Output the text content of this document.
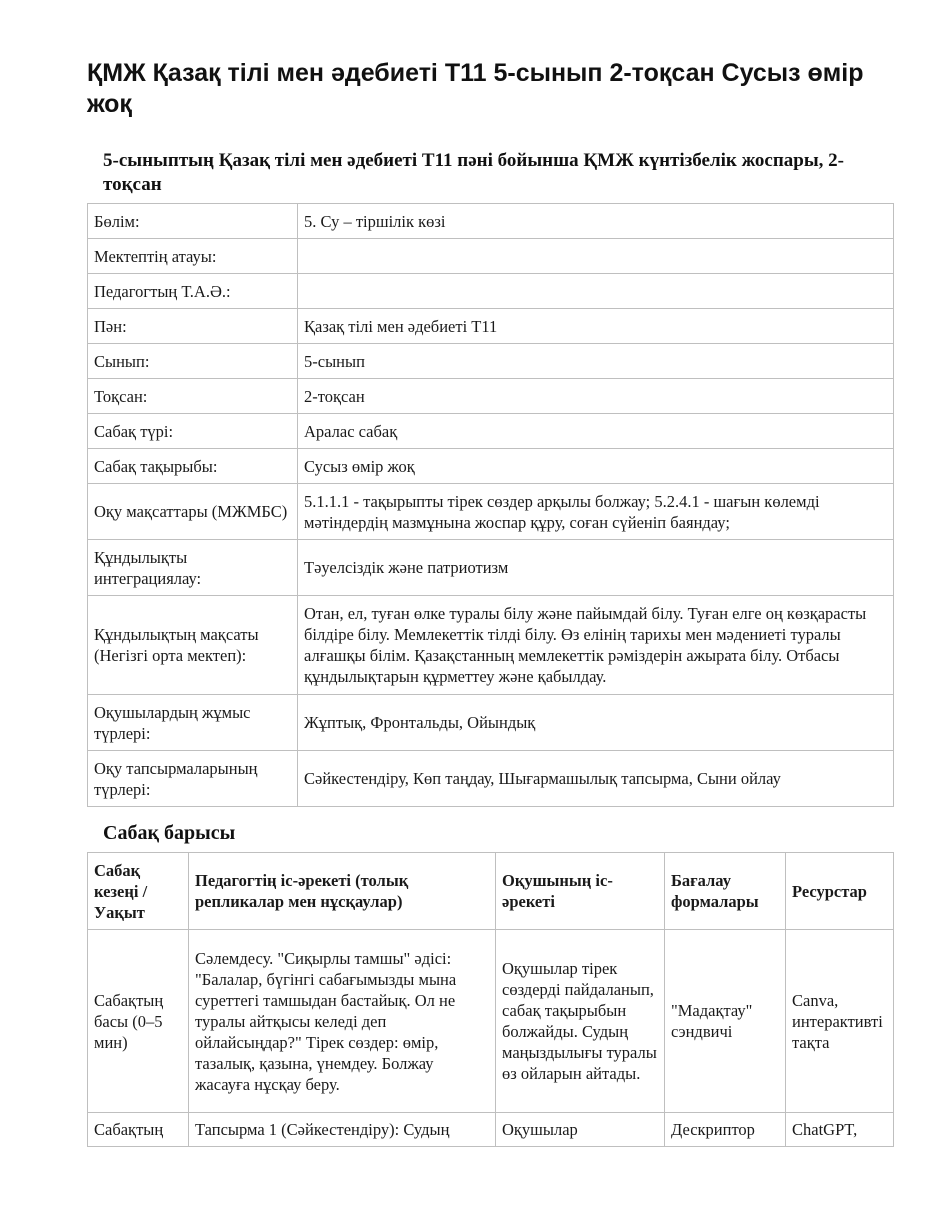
ҚМЖ Қазақ тілі мен әдебиеті Т11 5-сынып 2-тоқсан Сусыз өмір жоқ
5-сыныптың Қазақ тілі мен әдебиеті Т11 пәні бойынша ҚМЖ күнтізбелік жоспары, 2-тоқсан
Бөлім:	5. Су – тіршілік көзі
Мектептің атауы:	
Педагогтың Т.А.Ә.:	
Пән:	Қазақ тілі мен әдебиеті Т11
Сынып:	5-сынып
Тоқсан:	2-тоқсан
Сабақ түрі:	Аралас сабақ
Сабақ тақырыбы:	Сусыз өмір жоқ
Оқу мақсаттары (МЖМБС)	5.1.1.1 - тақырыпты тірек сөздер арқылы болжау; 5.2.4.1 - шағын көлемді мәтіндердің мазмұнына жоспар құру, соған сүйеніп баяндау;
Құндылықты интеграциялау:	Тәуелсіздік және патриотизм
Құндылықтың мақсаты (Негізгі орта мектеп):	Отан, ел, туған өлке туралы білу және пайымдай білу. Туған елге оң көзқарасты білдіре білу. Мемлекеттік тілді білу. Өз елінің тарихы мен мәдениеті туралы алғашқы білім. Қазақстанның мемлекеттік рәміздерін ажырата білу. Отбасы құндылықтарын құрметтеу және қабылдау.
Оқушылардың жұмыс түрлері:	Жұптық, Фронтальды, Ойындық
Оқу тапсырмаларының түрлері:	Сәйкестендіру, Көп таңдау, Шығармашылық тапсырма, Сыни ойлау
Сабақ барысы
Сабақ кезеңі / Уақыт	Педагогтің іс-әрекеті (толық репликалар мен нұсқаулар)	Оқушының іс-әрекеті	Бағалау формалары	Ресурстар
Сабақтың басы (0–5 мин)	Сәлемдесу. "Сиқырлы тамшы" әдісі: "Балалар, бүгінгі сабағымызды мына суреттегі тамшыдан бастайық. Ол не туралы айтқысы келеді деп ойлайсыңдар?" Тірек сөздер: өмір, тазалық, қазына, үнемдеу. Болжау жасауға нұсқау беру.	Оқушылар тірек сөздерді пайдаланып, сабақ тақырыбын болжайды. Судың маңыздылығы туралы өз ойларын айтады.	"Мадақтау" сэндвичі	Canva, интерактивті тақта
Сабақтың	Тапсырма 1 (Сәйкестендіру): Судың	Оқушылар	Дескриптор	ChatGPT,
